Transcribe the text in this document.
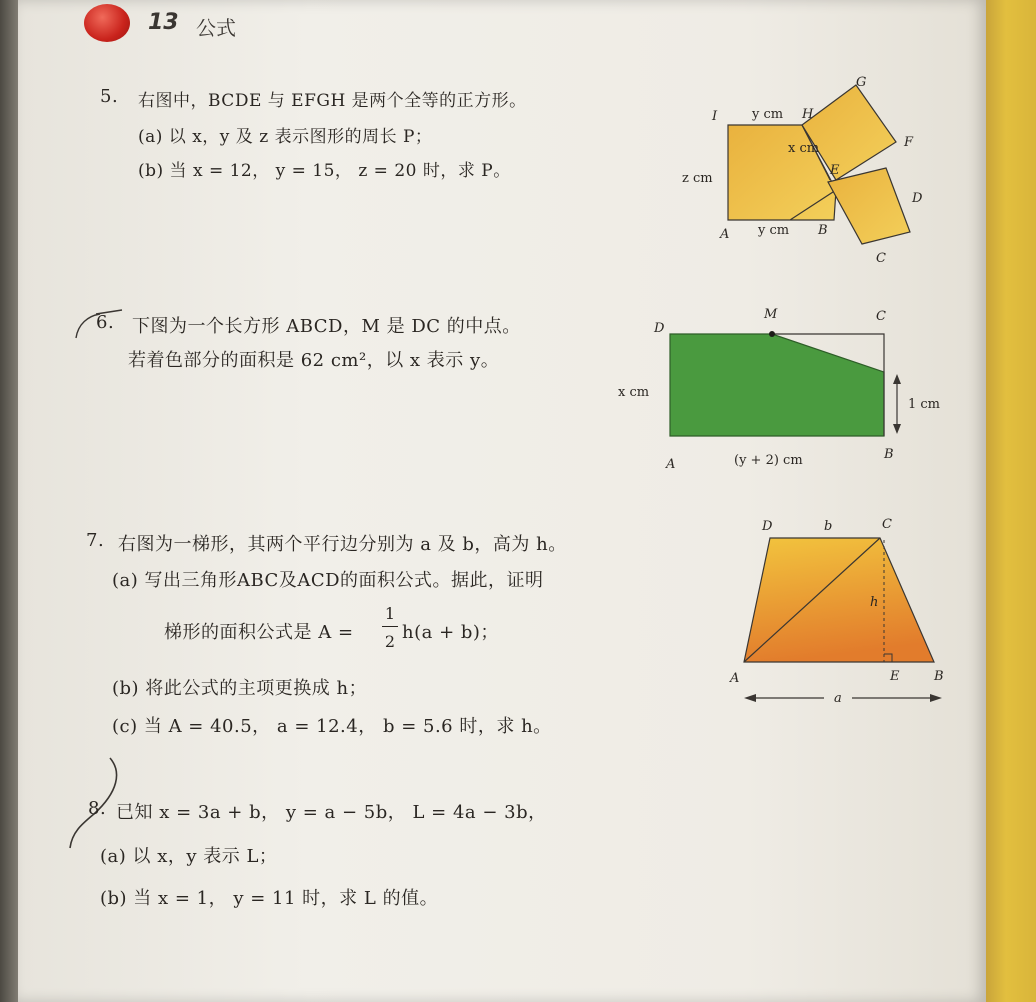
13 公式
5. 右图中，BCDE 与 EFGH 是两个全等的正方形。
(a) 以 x，y 及 z 表示图形的周长 P；
(b) 当 x = 12， y = 15， z = 20 时，求 P。
G
I	y cm H
F
x cm
E
z cm
D
A y cm B
C
6. 下图为一个长方形 ABCD，M 是 DC 的中点。
若着色部分的面积是 62 cm²，以 x 表示 y。
D
M	C
x cm
1 cm
A	(y + 2) cm	B
7. 右图为一梯形，其两个平行边分别为 a 及 b，高为 h。
(a) 写出三角形ABC及ACD的面积公式。据此，证明
梯形的面积公式是 A =
1
2 h(a + b)；
(b) 将此公式的主项更换成 h；
(c) 当 A = 40.5， a = 12.4， b = 5.6 时，求 h。
D	b	C
h
A	E	B
a
8. 已知 x = 3a + b， y = a − 5b， L = 4a − 3b，
(a) 以 x，y 表示 L；
(b) 当 x = 1， y = 11 时，求 L 的值。
